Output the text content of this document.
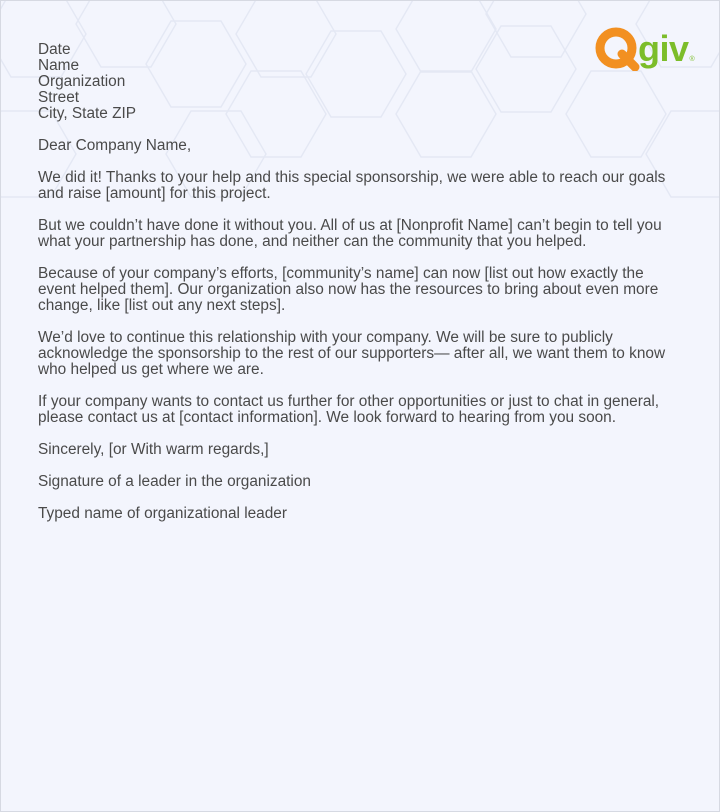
giv ®
Date
Name
Organization
Street
City, State ZIP

Dear Company Name,

We did it! Thanks to your help and this special sponsorship, we were able to reach our goals and raise [amount] for this project.

But we couldn’t have done it without you. All of us at [Nonprofit Name] can’t begin to tell you what your partnership has done, and neither can the community that you helped.

Because of your company’s efforts, [community’s name] can now [list out how exactly the event helped them]. Our organization also now has the resources to bring about even more change, like [list out any next steps].

We’d love to continue this relationship with your company. We will be sure to publicly acknowledge the sponsorship to the rest of our supporters— after all, we want them to know who helped us get where we are.

If your company wants to contact us further for other opportunities or just to chat in general, please contact us at [contact information]. We look forward to hearing from you soon.

Sincerely, [or With warm regards,]

Signature of a leader in the organization

Typed name of organizational leader
